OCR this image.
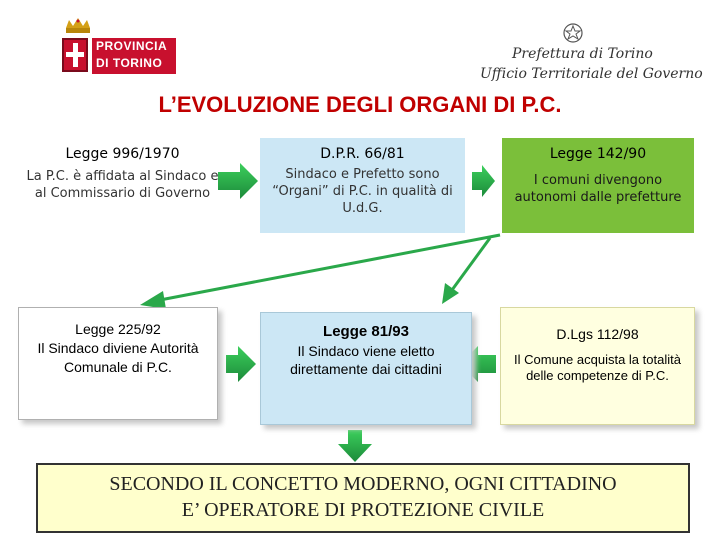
PROVINCIA
DI TORINO
Prefettura di Torino
Ufficio Territoriale del Governo
L’EVOLUZIONE DEGLI ORGANI DI P.C.
Legge 996/1970
La P.C. è affidata al Sindaco e al Commissario di Governo
D.P.R. 66/81
Sindaco e Prefetto sono “Organi” di P.C. in qualità di U.d.G.
Legge 142/90
I comuni divengono autonomi dalle prefetture
Legge 225/92
Il Sindaco diviene Autorità Comunale di P.C.
Legge 81/93
Il Sindaco viene eletto direttamente dai cittadini
D.Lgs 112/98
Il Comune acquista la totalità delle competenze di P.C.
SECONDO IL CONCETTO MODERNO, OGNI CITTADINO
E’ OPERATORE DI PROTEZIONE CIVILE
